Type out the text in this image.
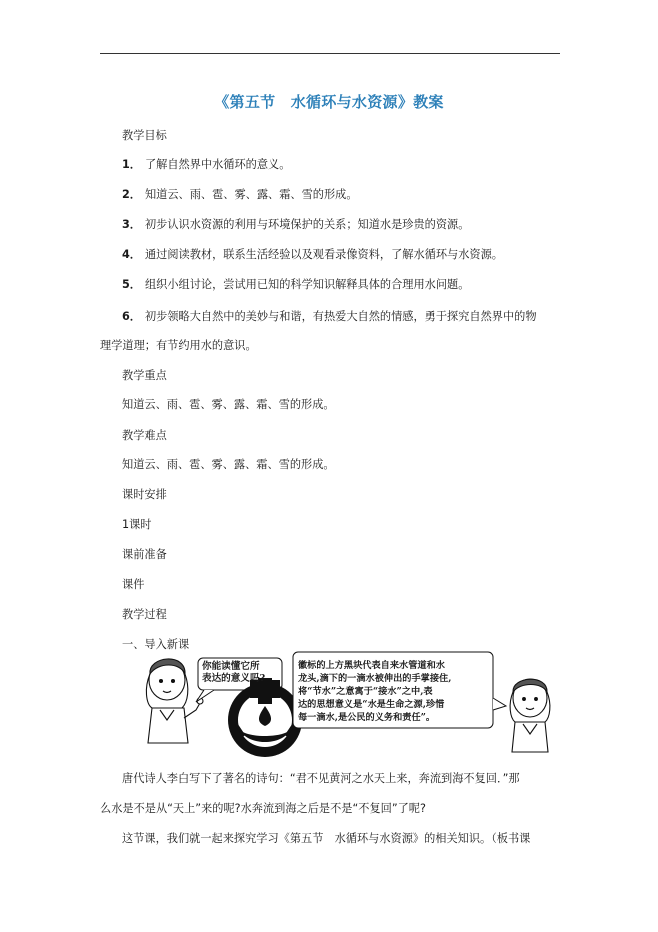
《第五节　水循环与水资源》教案
教学目标
1． 了解自然界中水循环的意义。
2． 知道云、雨、雹、雾、露、霜、雪的形成。
3． 初步认识水资源的利用与环境保护的关系；知道水是珍贵的资源。
4． 通过阅读教材，联系生活经验以及观看录像资料，了解水循环与水资源。
5． 组织小组讨论，尝试用已知的科学知识解释具体的合理用水问题。
6． 初步领略大自然中的美妙与和谐，有热爱大自然的情感，勇于探究自然界中的物
理学道理；有节约用水的意识。
教学重点
知道云、雨、雹、雾、露、霜、雪的形成。
教学难点
知道云、雨、雹、雾、露、霜、雪的形成。
课时安排
1课时
课前准备
课件
教学过程
一、导入新课
你能读懂它所
表达的意义吗?
徽标的上方黑块代表自来水管道和水
龙头,滴下的一滴水被伸出的手掌接住,
将“节水”之意寓于“接水”之中,表
达的思想意义是“水是生命之源,珍惜
每一滴水,是公民的义务和责任”。
唐代诗人李白写下了著名的诗句：“君不见黄河之水天上来，奔流到海不复回．”那
么水是不是从“天上”来的呢?水奔流到海之后是不是“不复回”了呢?
这节课，我们就一起来探究学习《第五节　水循环与水资源》的相关知识。（板书课
